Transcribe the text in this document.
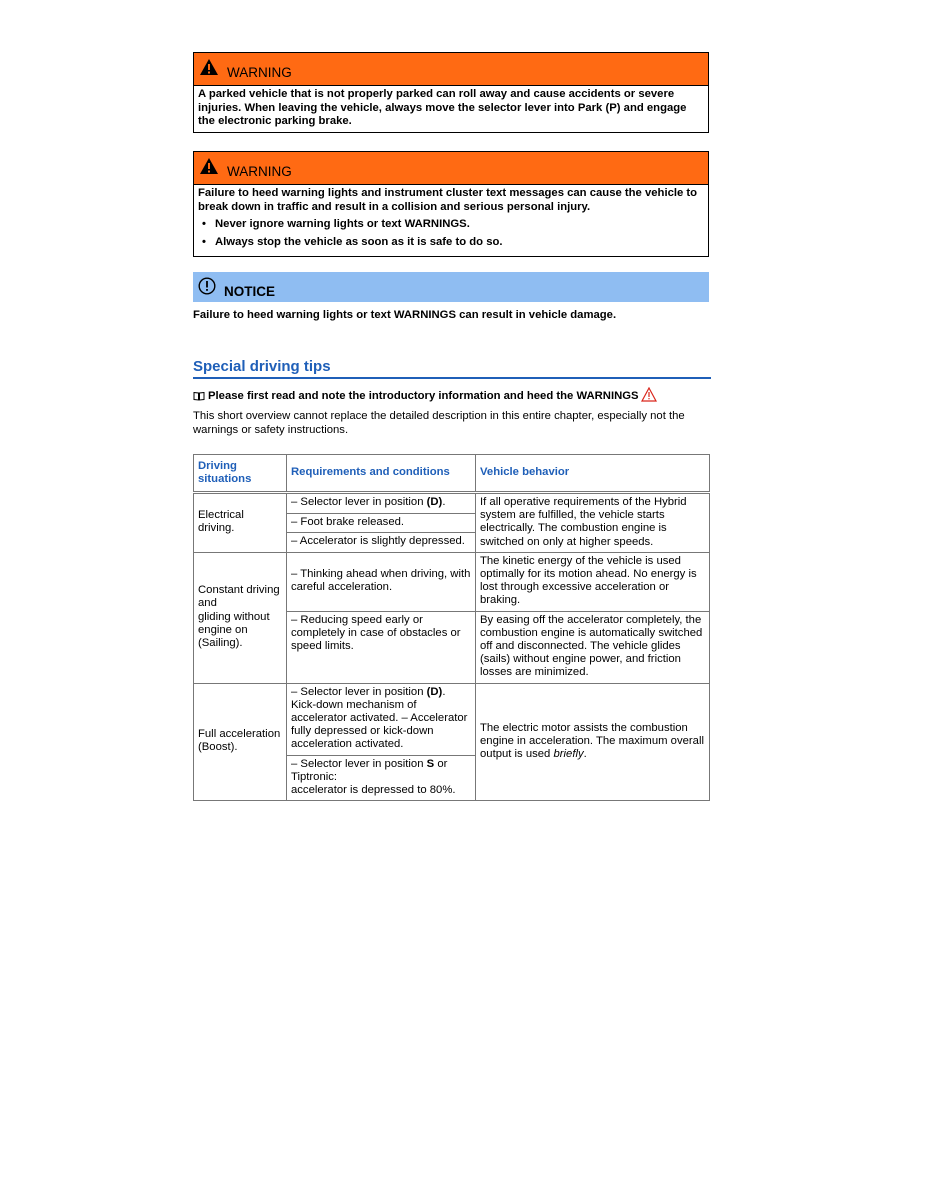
WARNING
A parked vehicle that is not properly parked can roll away and cause accidents or severe injuries. When leaving the vehicle, always move the selector lever into Park (P) and engage the electronic parking brake.
WARNING
Failure to heed warning lights and instrument cluster text messages can cause the vehicle to break down in traffic and result in a collision and serious personal injury.
• Never ignore warning lights or text WARNINGS.
• Always stop the vehicle as soon as it is safe to do so.
NOTICE
Failure to heed warning lights or text WARNINGS can result in vehicle damage.
Special driving tips
Please first read and note the introductory information and heed the WARNINGS
This short overview cannot replace the detailed description in this entire chapter, especially not the warnings or safety instructions.
Driving situations	Requirements and conditions	Vehicle behavior
Electrical driving.	– Selector lever in position (D).	If all operative requirements of the Hybrid system are fulfilled, the vehicle starts electrically. The combustion engine is switched on only at higher speeds.
	– Foot brake released.	
	– Accelerator is slightly depressed.	

Constant driving and
gliding without engine on (Sailing).	– Thinking ahead when driving, with careful acceleration.	The kinetic energy of the vehicle is used optimally for its motion ahead. No energy is lost through excessive acceleration or braking.
	– Reducing speed early or completely in case of obstacles or speed limits.	By easing off the accelerator completely, the combustion engine is automatically switched off and disconnected. The vehicle glides (sails) without engine power, and friction losses are minimized.
Full acceleration (Boost).	– Selector lever in position (D). Kick-down mechanism of accelerator activated. – Accelerator fully depressed or kick-down acceleration activated.	The electric motor assists the combustion engine in acceleration. The maximum overall output is used briefly.
	– Selector lever in position S or Tiptronic:
accelerator is depressed to 80%.	
